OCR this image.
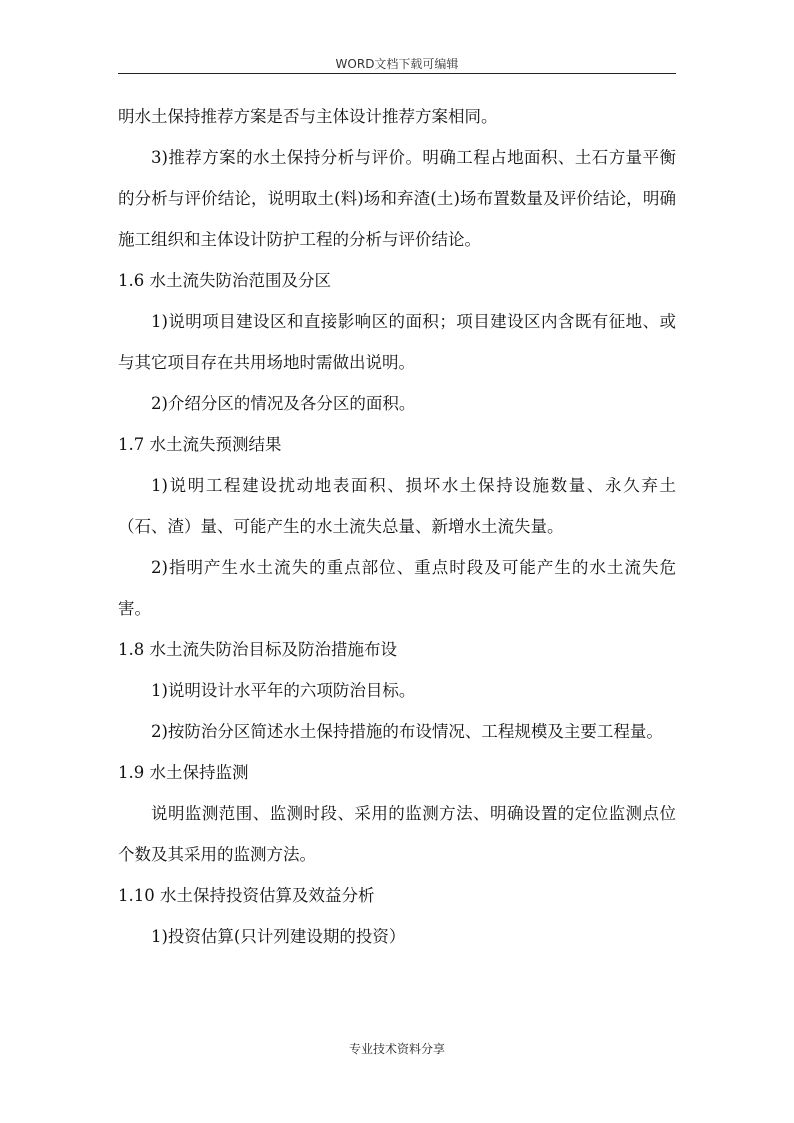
WORD文档下载可编辑

明水土保持推荐方案是否与主体设计推荐方案相同。

3)推荐方案的水土保持分析与评价。明确工程占地面积、土石方量平衡的分析与评价结论，说明取土(料)场和弃渣(土)场布置数量及评价结论，明确施工组织和主体设计防护工程的分析与评价结论。

1.6 水土流失防治范围及分区

1)说明项目建设区和直接影响区的面积；项目建设区内含既有征地、或与其它项目存在共用场地时需做出说明。

2)介绍分区的情况及各分区的面积。

1.7 水土流失预测结果

1)说明工程建设扰动地表面积、损坏水土保持设施数量、永久弃土（石、渣）量、可能产生的水土流失总量、新增水土流失量。

2)指明产生水土流失的重点部位、重点时段及可能产生的水土流失危害。

1.8 水土流失防治目标及防治措施布设

1)说明设计水平年的六项防治目标。

2)按防治分区简述水土保持措施的布设情况、工程规模及主要工程量。

1.9 水土保持监测

说明监测范围、监测时段、采用的监测方法、明确设置的定位监测点位个数及其采用的监测方法。

1.10 水土保持投资估算及效益分析

1)投资估算(只计列建设期的投资）

专业技术资料分享
